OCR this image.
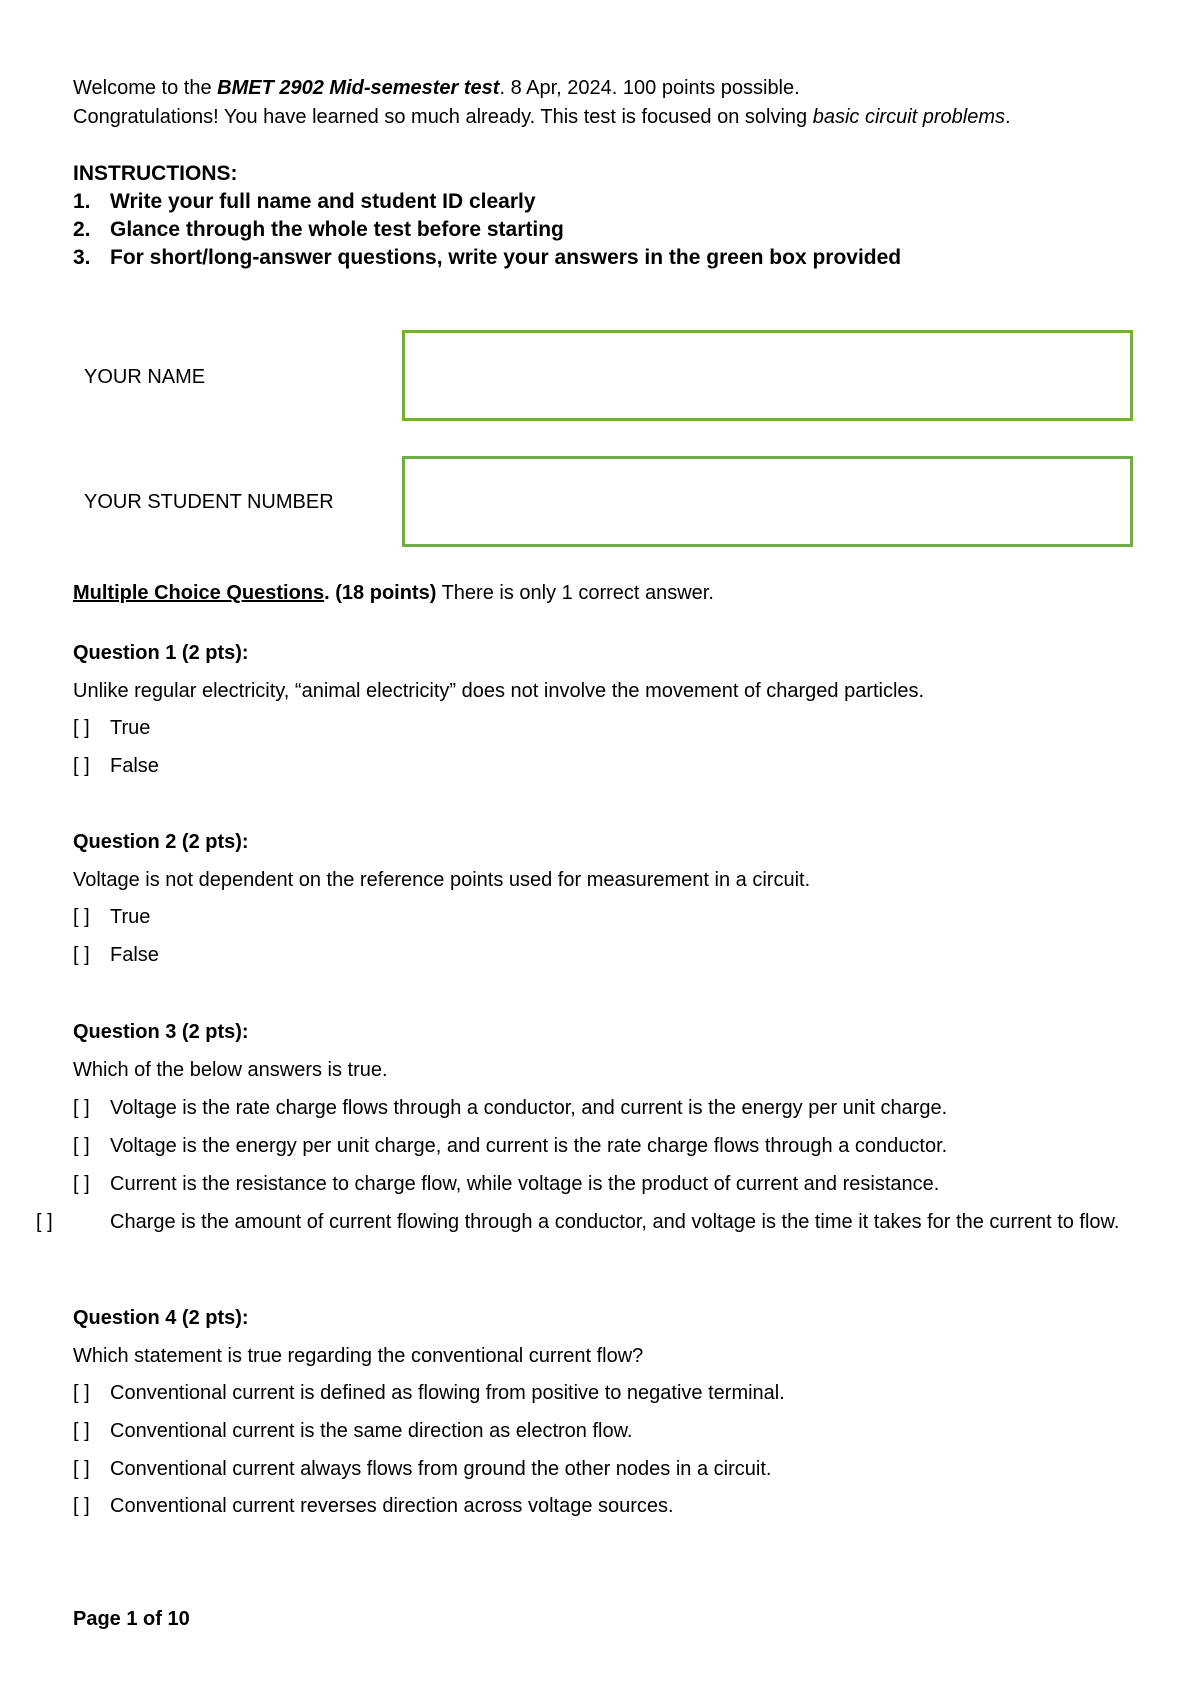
Welcome to the BMET 2902 Mid-semester test. 8 Apr, 2024. 100 points possible.
Congratulations! You have learned so much already. This test is focused on solving basic circuit problems.
INSTRUCTIONS:
1. Write your full name and student ID clearly
2. Glance through the whole test before starting
3. For short/long-answer questions, write your answers in the green box provided
YOUR NAME
YOUR STUDENT NUMBER
Multiple Choice Questions. (18 points) There is only 1 correct answer.
Question 1 (2 pts):
Unlike regular electricity, “animal electricity” does not involve the movement of charged particles.
[ ] True
[ ] False
Question 2 (2 pts):
Voltage is not dependent on the reference points used for measurement in a circuit.
[ ] True
[ ] False
Question 3 (2 pts):
Which of the below answers is true.
[ ] Voltage is the rate charge flows through a conductor, and current is the energy per unit charge.
[ ] Voltage is the energy per unit charge, and current is the rate charge flows through a conductor.
[ ] Current is the resistance to charge flow, while voltage is the product of current and resistance.
[ ]	Charge is the amount of current flowing through a conductor, and voltage is the time it takes for the current to flow.
Question 4 (2 pts):
Which statement is true regarding the conventional current flow?
[ ] Conventional current is defined as flowing from positive to negative terminal.
[ ] Conventional current is the same direction as electron flow.
[ ] Conventional current always flows from ground the other nodes in a circuit.
[ ] Conventional current reverses direction across voltage sources.
Page 1 of 10
